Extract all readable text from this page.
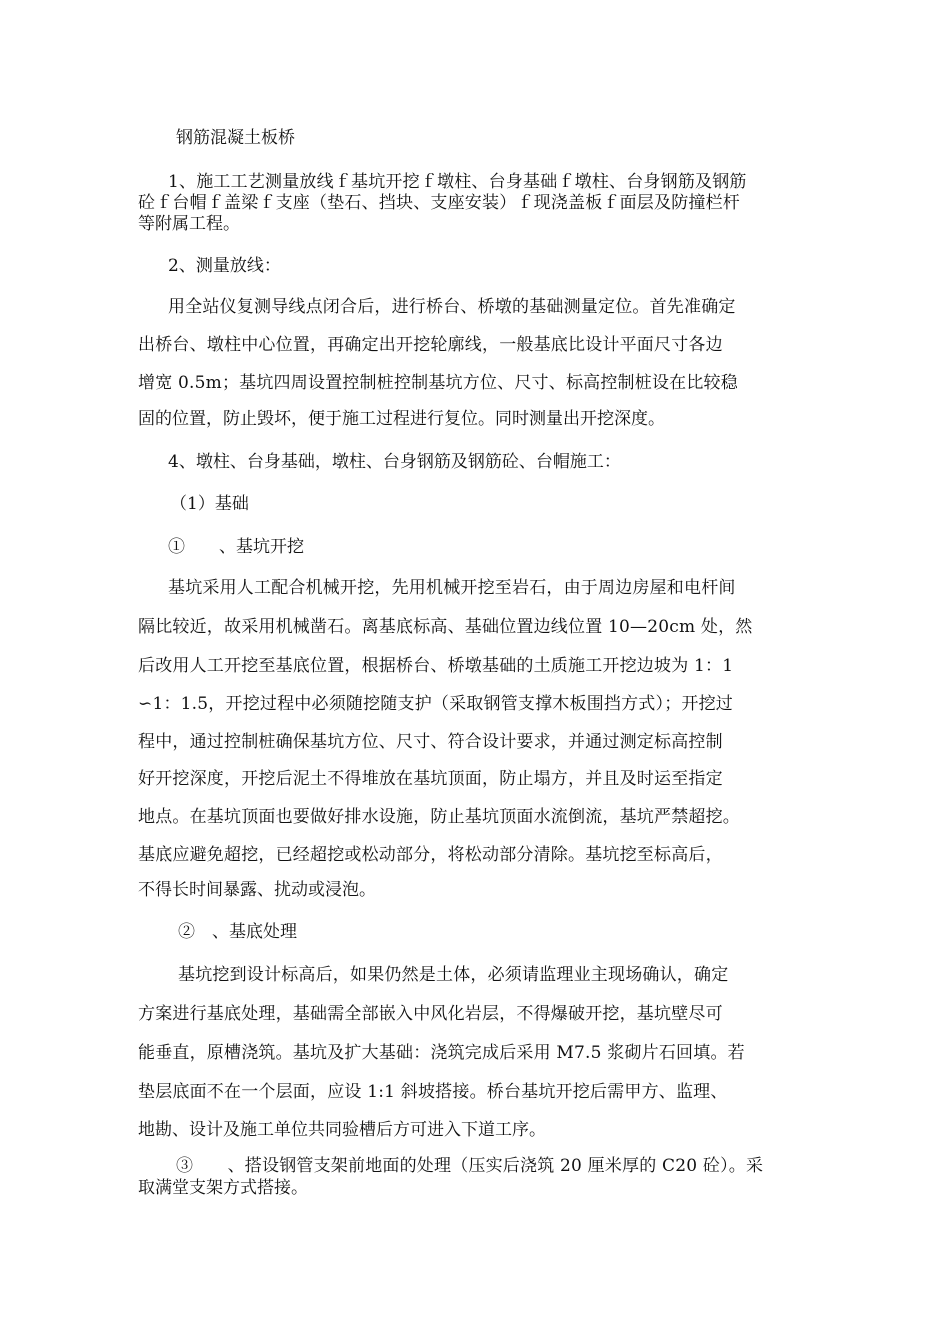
钢筋混凝土板桥
1、施工工艺测量放线ｆ基坑开挖ｆ墩柱、台身基础ｆ墩柱、台身钢筋及钢筋
砼ｆ台帽ｆ盖梁ｆ支座（垫石、挡块、支座安装）ｆ现浇盖板ｆ面层及防撞栏杆
等附属工程。
2、测量放线：
用全站仪复测导线点闭合后，进行桥台、桥墩的基础测量定位。首先准确定
出桥台、墩柱中心位置，再确定出开挖轮廓线，一般基底比设计平面尺寸各边
增宽 0.5m；基坑四周设置控制桩控制基坑方位、尺寸、标高控制桩设在比较稳
固的位置，防止毁坏，便于施工过程进行复位。同时测量出开挖深度。
4、墩柱、台身基础，墩柱、台身钢筋及钢筋砼、台帽施工：
（1）基础
①　　、基坑开挖
基坑采用人工配合机械开挖，先用机械开挖至岩石，由于周边房屋和电杆间
隔比较近，故采用机械凿石。离基底标高、基础位置边线位置 10—20cm 处，然
后改用人工开挖至基底位置，根据桥台、桥墩基础的土质施工开挖边坡为 1：1
∽1：1.5，开挖过程中必须随挖随支护（采取钢管支撑木板围挡方式）；开挖过
程中，通过控制桩确保基坑方位、尺寸、符合设计要求，并通过测定标高控制
好开挖深度，开挖后泥土不得堆放在基坑顶面，防止塌方，并且及时运至指定
地点。在基坑顶面也要做好排水设施，防止基坑顶面水流倒流，基坑严禁超挖。
基底应避免超挖，已经超挖或松动部分，将松动部分清除。基坑挖至标高后，
不得长时间暴露、扰动或浸泡。
②　、基底处理
基坑挖到设计标高后，如果仍然是土体，必须请监理业主现场确认，确定
方案进行基底处理，基础需全部嵌入中风化岩层，不得爆破开挖，基坑壁尽可
能垂直，原槽浇筑。基坑及扩大基础：浇筑完成后采用 M7.5 浆砌片石回填。若
垫层底面不在一个层面，应设 1:1 斜坡搭接。桥台基坑开挖后需甲方、监理、
地勘、设计及施工单位共同验槽后方可进入下道工序。
③　　、搭设钢管支架前地面的处理（压实后浇筑 20 厘米厚的 C20 砼）。采
取满堂支架方式搭接。
